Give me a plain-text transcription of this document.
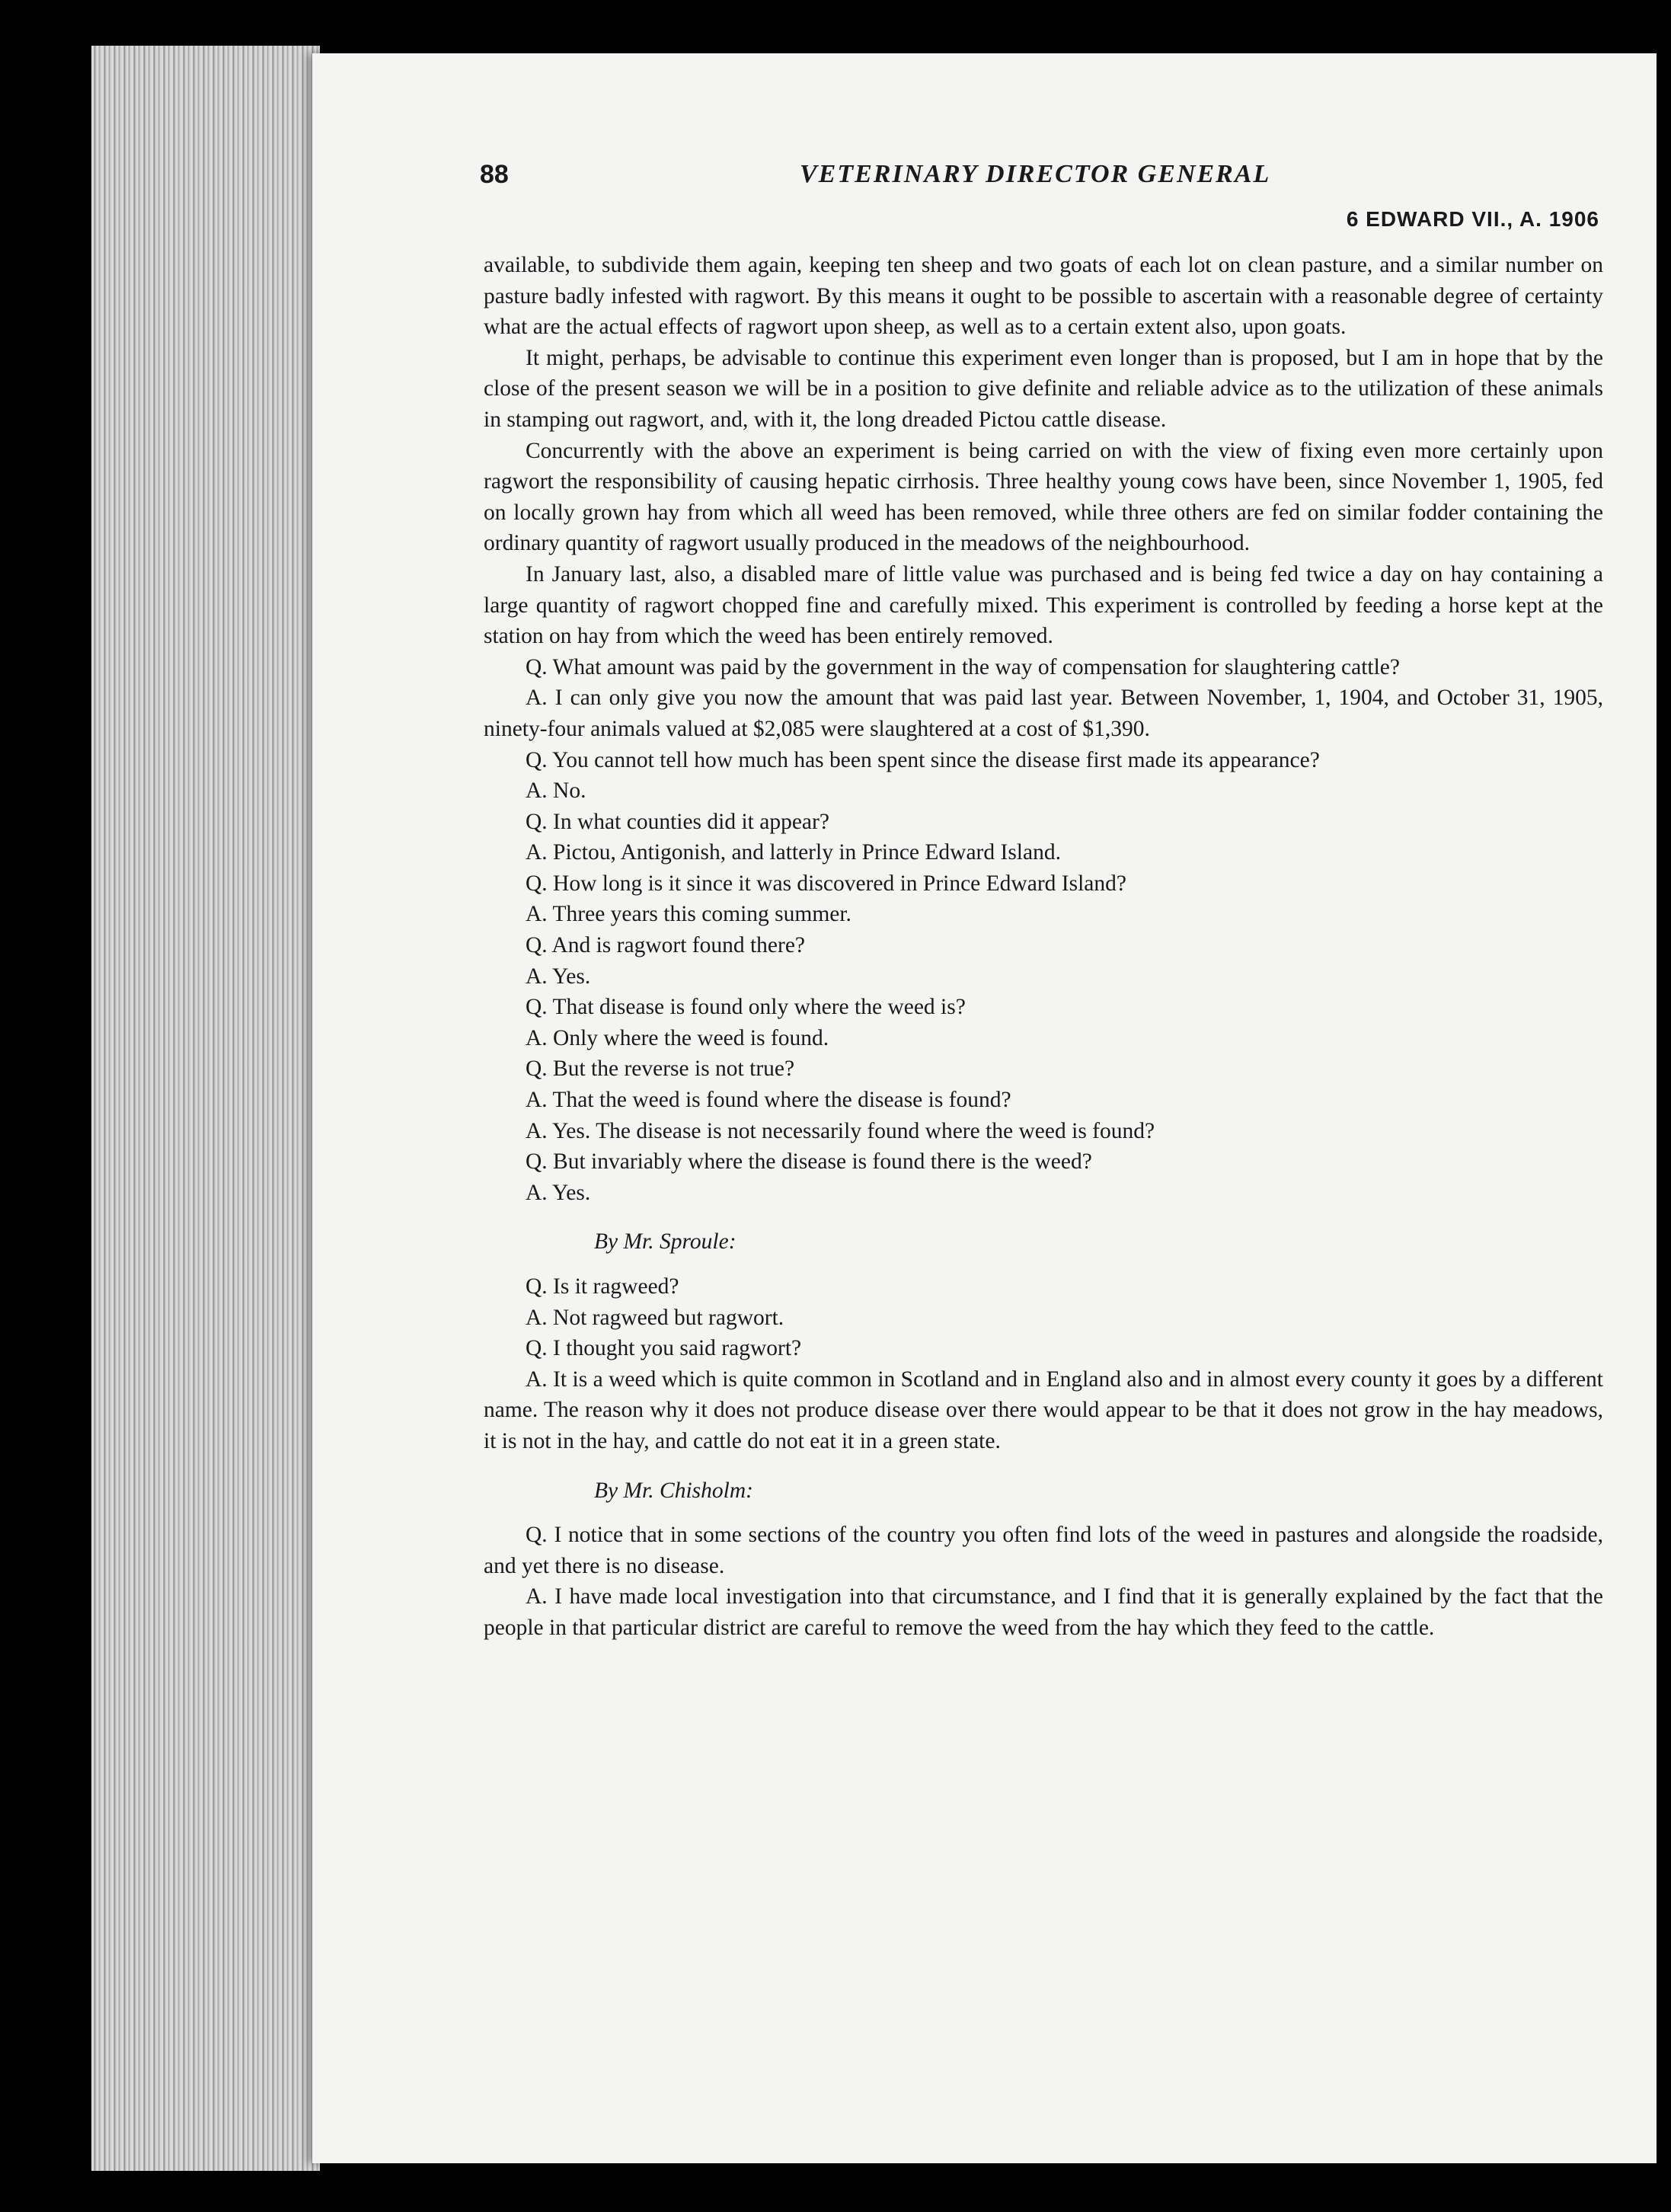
88	VETERINARY DIRECTOR GENERAL
6 EDWARD VII., A. 1906

available, to subdivide them again, keeping ten sheep and two goats of each lot on clean pasture, and a similar number on pasture badly infested with ragwort. By this means it ought to be possible to ascertain with a reasonable degree of certainty what are the actual effects of ragwort upon sheep, as well as to a certain extent also, upon goats.

It might, perhaps, be advisable to continue this experiment even longer than is proposed, but I am in hope that by the close of the present season we will be in a position to give definite and reliable advice as to the utilization of these animals in stamping out ragwort, and, with it, the long dreaded Pictou cattle disease.

Concurrently with the above an experiment is being carried on with the view of fixing even more certainly upon ragwort the responsibility of causing hepatic cirrhosis. Three healthy young cows have been, since November 1, 1905, fed on locally grown hay from which all weed has been removed, while three others are fed on similar fodder containing the ordinary quantity of ragwort usually produced in the meadows of the neighbourhood.

In January last, also, a disabled mare of little value was purchased and is being fed twice a day on hay containing a large quantity of ragwort chopped fine and carefully mixed. This experiment is controlled by feeding a horse kept at the station on hay from which the weed has been entirely removed.

Q. What amount was paid by the government in the way of compensation for slaughtering cattle?

A. I can only give you now the amount that was paid last year. Between November, 1, 1904, and October 31, 1905, ninety-four animals valued at $2,085 were slaughtered at a cost of $1,390.

Q. You cannot tell how much has been spent since the disease first made its appearance?

A. No.

Q. In what counties did it appear?

A. Pictou, Antigonish, and latterly in Prince Edward Island.

Q. How long is it since it was discovered in Prince Edward Island?

A. Three years this coming summer.

Q. And is ragwort found there?

A. Yes.

Q. That disease is found only where the weed is?

A. Only where the weed is found.

Q. But the reverse is not true?

A. That the weed is found where the disease is found?

A. Yes. The disease is not necessarily found where the weed is found?

Q. But invariably where the disease is found there is the weed?

A. Yes.

By Mr. Sproule:

Q. Is it ragweed?

A. Not ragweed but ragwort.

Q. I thought you said ragwort?

A. It is a weed which is quite common in Scotland and in England also and in almost every county it goes by a different name. The reason why it does not produce disease over there would appear to be that it does not grow in the hay meadows, it is not in the hay, and cattle do not eat it in a green state.

By Mr. Chisholm:

Q. I notice that in some sections of the country you often find lots of the weed in pastures and alongside the roadside, and yet there is no disease.

A. I have made local investigation into that circumstance, and I find that it is generally explained by the fact that the people in that particular district are careful to remove the weed from the hay which they feed to the cattle.
